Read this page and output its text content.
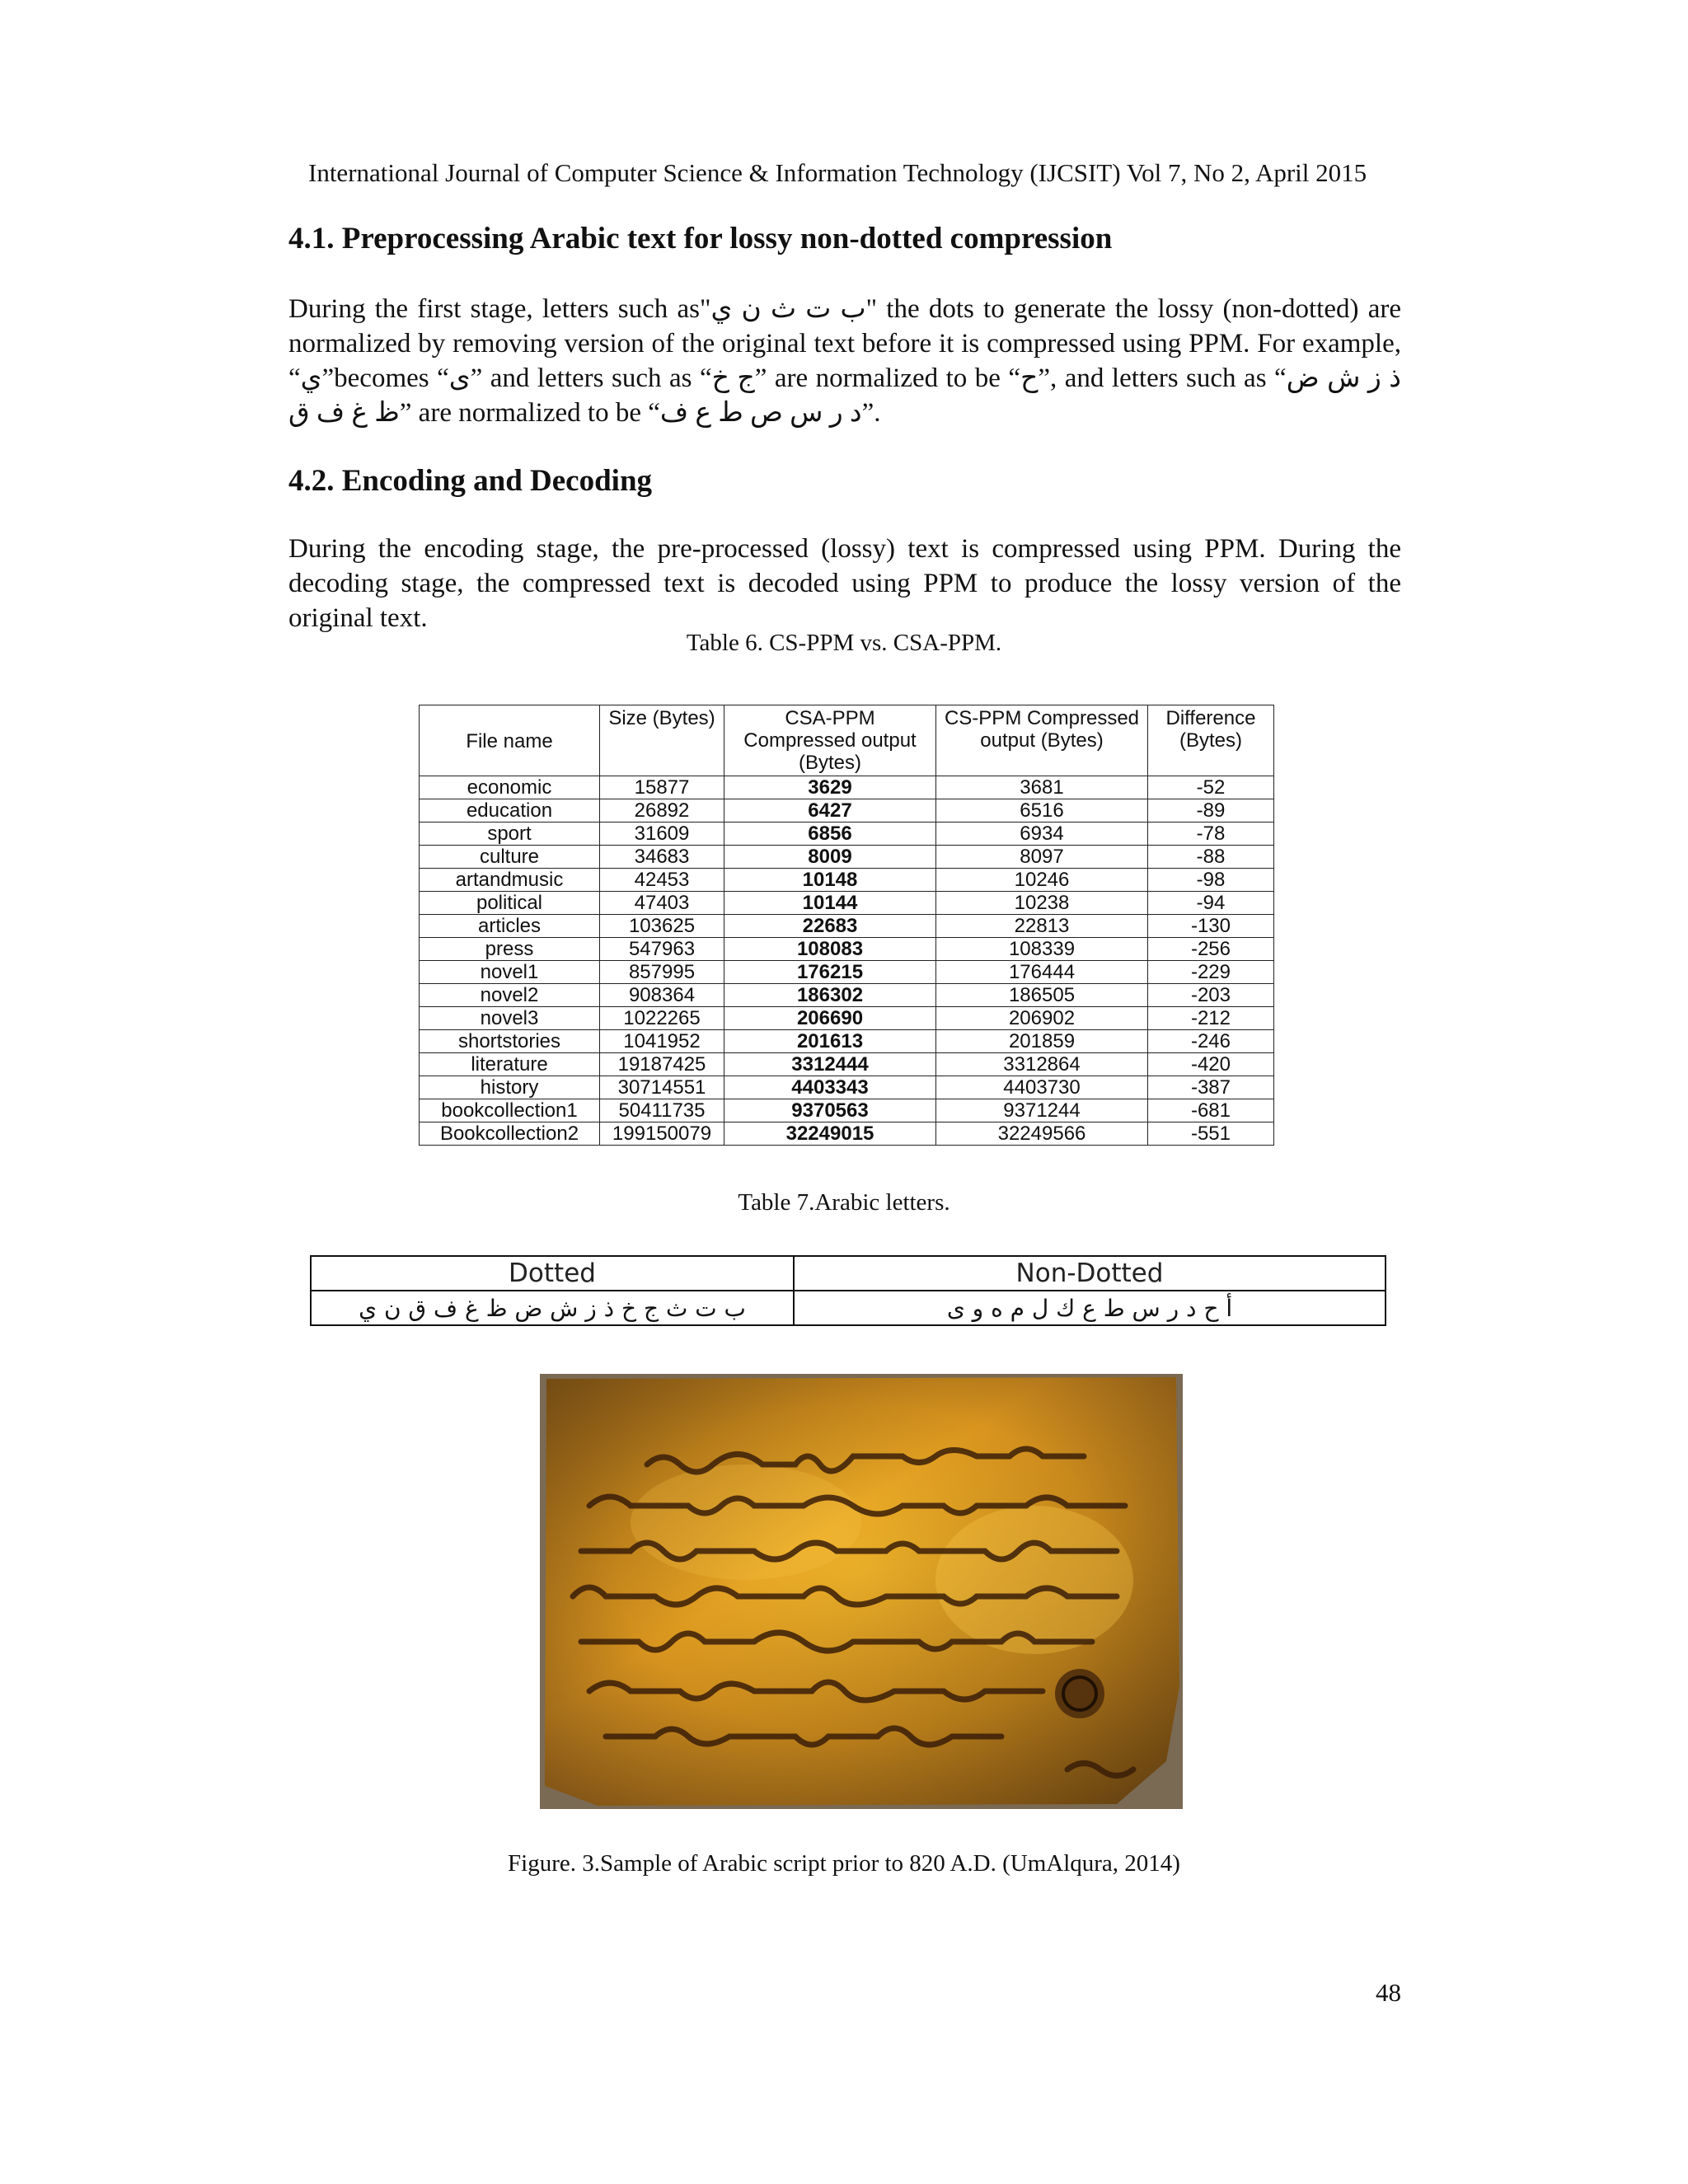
International Journal of Computer Science & Information Technology (IJCSIT) Vol 7, No 2, April 2015
4.1. Preprocessing Arabic text for lossy non-dotted compression
During the first stage, letters such as"ب ت ث ن ي" the dots to generate the lossy (non-dotted) are normalized by removing version of the original text before it is compressed using PPM. For example, “ي”becomes “ى” and letters such as “ج خ” are normalized to be “ح”, and letters such as “ذ ز ش ض ظ غ ف ق” are normalized to be “د ر س ص ط ع ف”.
4.2. Encoding and Decoding
During the encoding stage, the pre-processed (lossy) text is compressed using PPM. During the decoding stage, the compressed text is decoded using PPM to produce the lossy version of the original text.
Table 6. CS-PPM vs. CSA-PPM.
File name	Size (Bytes)	CSA-PPM Compressed output (Bytes)	CS-PPM Compressed output (Bytes)	Difference (Bytes)
economic	15877	3629	3681	-52
education	26892	6427	6516	-89
sport	31609	6856	6934	-78
culture	34683	8009	8097	-88
artandmusic	42453	10148	10246	-98
political	47403	10144	10238	-94
articles	103625	22683	22813	-130
press	547963	108083	108339	-256
novel1	857995	176215	176444	-229
novel2	908364	186302	186505	-203
novel3	1022265	206690	206902	-212
shortstories	1041952	201613	201859	-246
literature	19187425	3312444	3312864	-420
history	30714551	4403343	4403730	-387
bookcollection1	50411735	9370563	9371244	-681
Bookcollection2	199150079	32249015	32249566	-551
Table 7.Arabic letters.
Dotted	Non-Dotted
ب ت ث ج خ ذ ز ش ض ظ غ ف ق ن ي	أ ح د ر س ط ع ك ل م ه و ى
Figure. 3.Sample of Arabic script prior to 820 A.D. (UmAlqura, 2014)
48
